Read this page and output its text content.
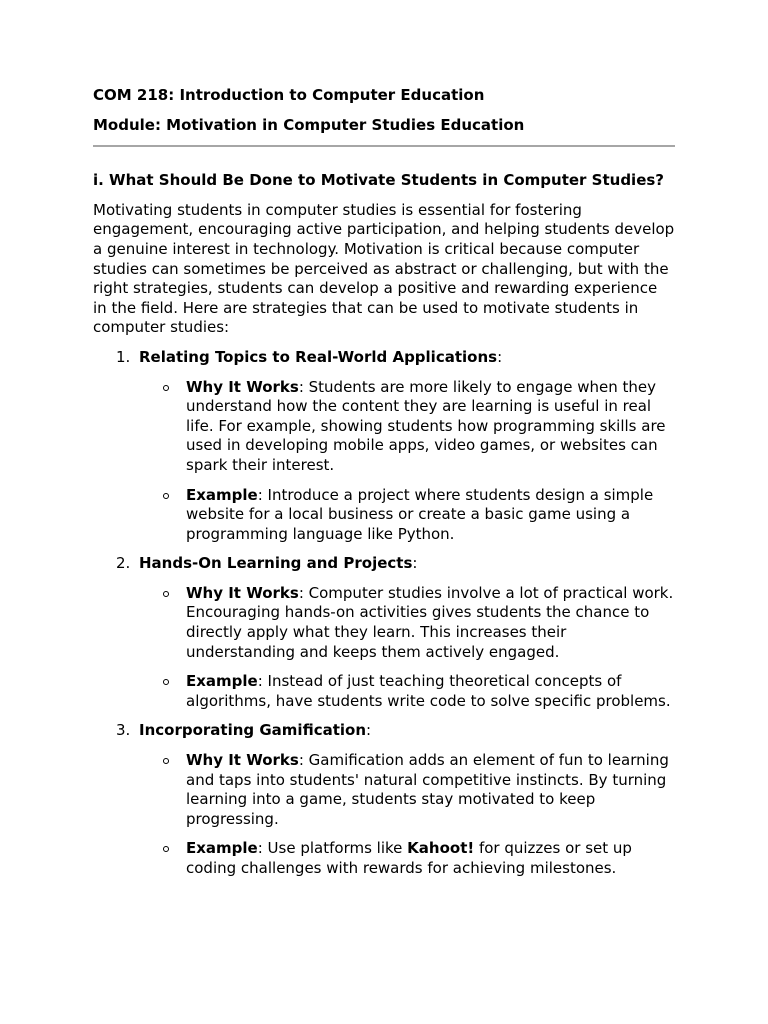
COM 218: Introduction to Computer Education

Module: Motivation in Computer Studies Education

i. What Should Be Done to Motivate Students in Computer Studies?

Motivating students in computer studies is essential for fostering engagement, encouraging active participation, and helping students develop a genuine interest in technology. Motivation is critical because computer studies can sometimes be perceived as abstract or challenging, but with the right strategies, students can develop a positive and rewarding experience in the field. Here are strategies that can be used to motivate students in computer studies:

1. Relating Topics to Real-World Applications:
Why It Works: Students are more likely to engage when they understand how the content they are learning is useful in real life. For example, showing students how programming skills are used in developing mobile apps, video games, or websites can spark their interest.
Example: Introduce a project where students design a simple website for a local business or create a basic game using a programming language like Python.
2. Hands-On Learning and Projects:
Why It Works: Computer studies involve a lot of practical work. Encouraging hands-on activities gives students the chance to directly apply what they learn. This increases their understanding and keeps them actively engaged.
Example: Instead of just teaching theoretical concepts of algorithms, have students write code to solve specific problems.
3. Incorporating Gamification:
Why It Works: Gamification adds an element of fun to learning and taps into students' natural competitive instincts. By turning learning into a game, students stay motivated to keep progressing.
Example: Use platforms like Kahoot! for quizzes or set up coding challenges with rewards for achieving milestones.
